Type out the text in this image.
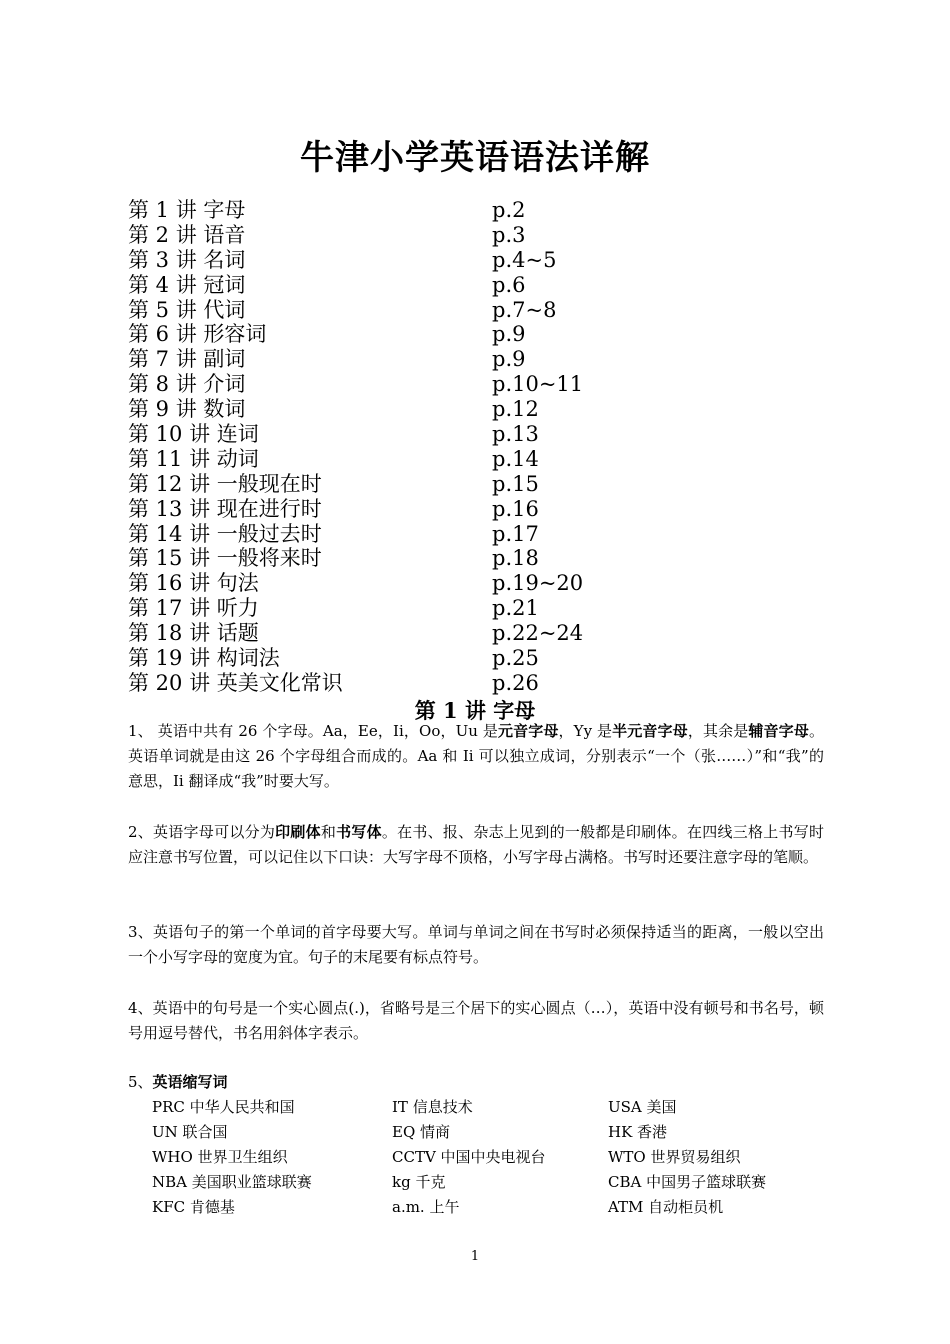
牛津小学英语语法详解
第 1 讲 字母	p.2
第 2 讲 语音	p.3
第 3 讲 名词	p.4~5
第 4 讲 冠词	p.6
第 5 讲 代词	p.7~8
第 6 讲 形容词	p.9
第 7 讲 副词	p.9
第 8 讲 介词	p.10~11
第 9 讲 数词	p.12
第 10 讲 连词	p.13
第 11 讲 动词	p.14
第 12 讲 一般现在时	p.15
第 13 讲 现在进行时	p.16
第 14 讲 一般过去时	p.17
第 15 讲 一般将来时	p.18
第 16 讲 句法	p.19~20
第 17 讲 听力	p.21
第 18 讲 话题	p.22~24
第 19 讲 构词法	p.25
第 20 讲 英美文化常识	p.26
第 1 讲 字母
1、 英语中共有 26 个字母。Aa，Ee，Ii，Oo，Uu 是元音字母，Yy 是半元音字母，其余是辅音字母。英语单词就是由这 26 个字母组合而成的。Aa 和 Ii 可以独立成词，分别表示“一个（张……）”和“我”的意思，Ii 翻译成“我”时要大写。
2、英语字母可以分为印刷体和书写体。在书、报、杂志上见到的一般都是印刷体。在四线三格上书写时应注意书写位置，可以记住以下口诀：大写字母不顶格，小写字母占满格。书写时还要注意字母的笔顺。
3、英语句子的第一个单词的首字母要大写。单词与单词之间在书写时必须保持适当的距离，一般以空出一个小写字母的宽度为宜。句子的末尾要有标点符号。
4、英语中的句号是一个实心圆点(.)，省略号是三个居下的实心圆点（…），英语中没有顿号和书名号，顿号用逗号替代，书名用斜体字表示。
5、英语缩写词
PRC 中华人民共和国	IT 信息技术	USA 美国
UN 联合国	EQ 情商	HK 香港
WHO 世界卫生组织	CCTV 中国中央电视台	WTO 世界贸易组织
NBA 美国职业篮球联赛	kg 千克	CBA 中国男子篮球联赛
KFC 肯德基	a.m. 上午	ATM 自动柜员机
1
